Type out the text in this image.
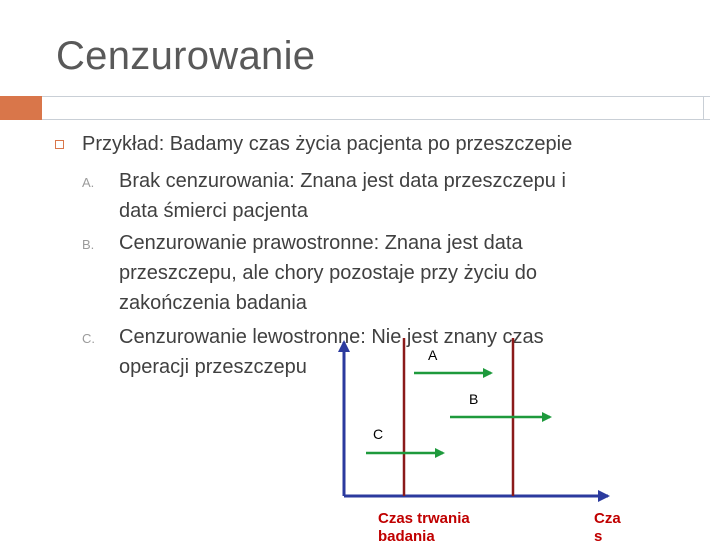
Cenzurowanie
Przykład: Badamy czas życia pacjenta po przeszczepie
A.	Brak cenzurowania: Znana jest data przeszczepu i
data śmierci pacjenta
B.	Cenzurowanie prawostronne: Znana jest data
przeszczepu, ale chory pozostaje przy życiu do
zakończenia badania
C.	Cenzurowanie lewostronne: Nie jest znany czas
operacji przeszczepu
A
B
C
Czas trwania
badania
Cza
s
